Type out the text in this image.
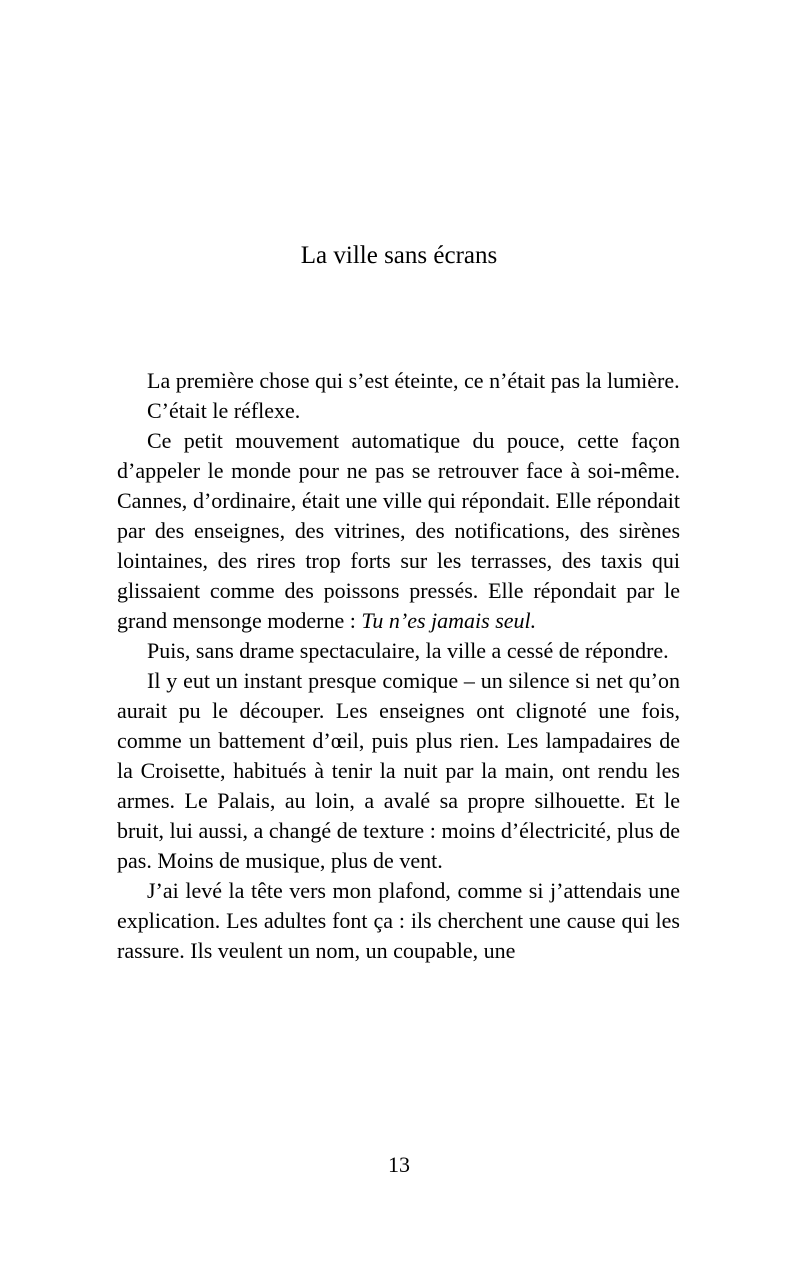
La ville sans écrans

La première chose qui s’est éteinte, ce n’était pas la lumière.

C’était le réflexe.

Ce petit mouvement automatique du pouce, cette façon d’appeler le monde pour ne pas se retrouver face à soi-même. Cannes, d’ordinaire, était une ville qui répondait. Elle répondait par des enseignes, des vitrines, des notifications, des sirènes lointaines, des rires trop forts sur les terrasses, des taxis qui glissaient comme des poissons pressés. Elle répondait par le grand mensonge moderne : Tu n’es jamais seul.

Puis, sans drame spectaculaire, la ville a cessé de répondre.

Il y eut un instant presque comique – un silence si net qu’on aurait pu le découper. Les enseignes ont clignoté une fois, comme un battement d’œil, puis plus rien. Les lampadaires de la Croisette, habitués à tenir la nuit par la main, ont rendu les armes. Le Palais, au loin, a avalé sa propre silhouette. Et le bruit, lui aussi, a changé de texture : moins d’électricité, plus de pas. Moins de musique, plus de vent.

J’ai levé la tête vers mon plafond, comme si j’attendais une explication. Les adultes font ça : ils cherchent une cause qui les rassure. Ils veulent un nom, un coupable, une

13
